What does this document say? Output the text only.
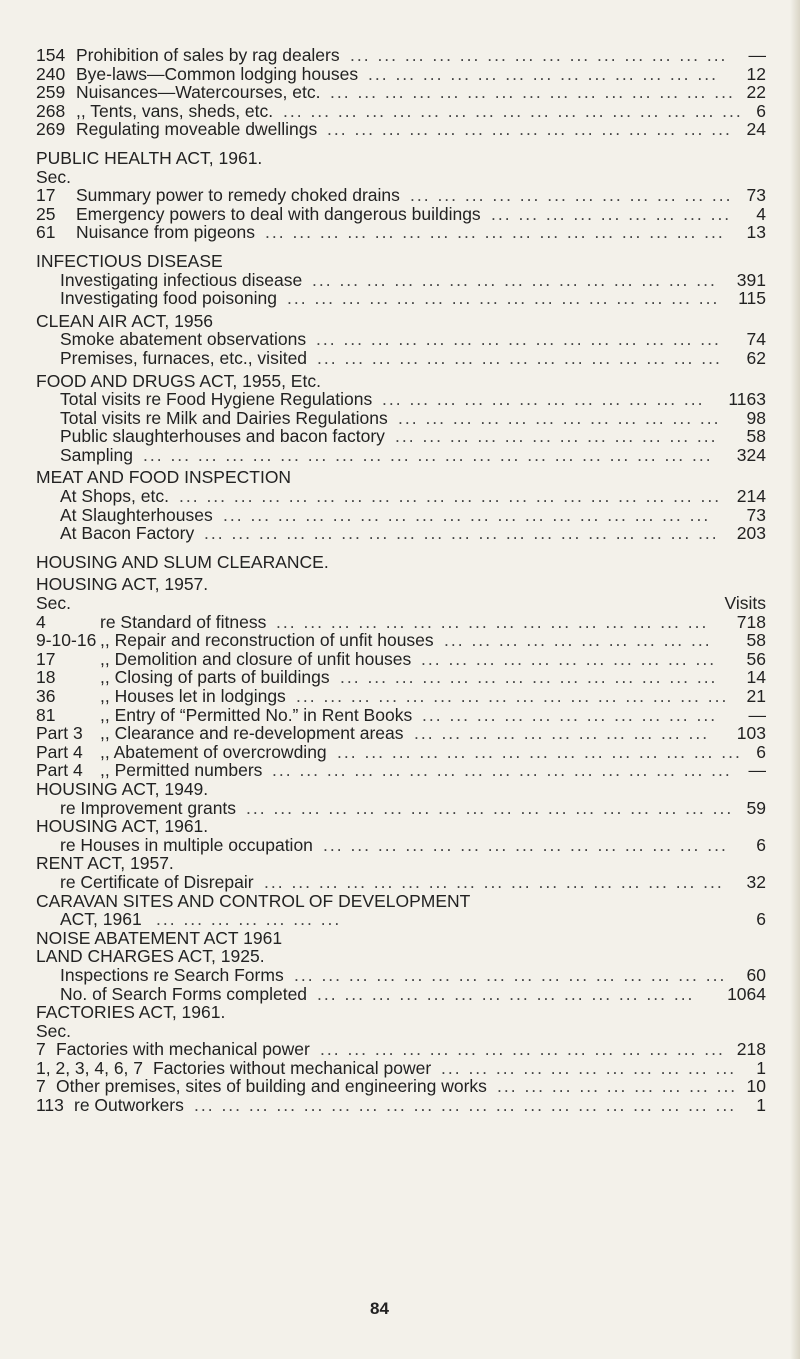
154 Prohibition of sales by rag dealers ... ... ... ... ... ... ... ... ... ... ... ... ... ... —
240 Bye-laws—Common lodging houses ... ... ... ... ... ... ... ... ... ... ... ... ... 12
259 Nuisances—Watercourses, etc. ... ... ... ... ... ... ... ... ... ... ... ... ... ... ... 22
268 ,, Tents, vans, sheds, etc. ... ... ... ... ... ... ... ... ... ... ... ... ... ... ... ... ... 6
269 Regulating moveable dwellings ... ... ... ... ... ... ... ... ... ... ... ... ... ... ... 24
PUBLIC HEALTH ACT, 1961.
Sec.
17 Summary power to remedy choked drains ... ... ... ... ... ... ... ... ... ... ... ... 73
25 Emergency powers to deal with dangerous buildings ... ... ... ... ... ... ... ... ... 4
61 Nuisance from pigeons ... ... ... ... ... ... ... ... ... ... ... ... ... ... ... ... ... 13
INFECTIOUS DISEASE
Investigating infectious disease ... ... ... ... ... ... ... ... ... ... ... ... ... ... ... 391
Investigating food poisoning ... ... ... ... ... ... ... ... ... ... ... ... ... ... ... ... 115
CLEAN AIR ACT, 1956
Smoke abatement observations ... ... ... ... ... ... ... ... ... ... ... ... ... ... ... 74
Premises, furnaces, etc., visited ... ... ... ... ... ... ... ... ... ... ... ... ... ... ... 62
FOOD AND DRUGS ACT, 1955, Etc.
Total visits re Food Hygiene Regulations ... ... ... ... ... ... ... ... ... ... ... ... 1163
Total visits re Milk and Dairies Regulations ... ... ... ... ... ... ... ... ... ... ... ... 98
Public slaughterhouses and bacon factory ... ... ... ... ... ... ... ... ... ... ... ... 58
Sampling ... ... ... ... ... ... ... ... ... ... ... ... ... ... ... ... ... ... ... ... ... 324
MEAT AND FOOD INSPECTION
At Shops, etc. ... ... ... ... ... ... ... ... ... ... ... ... ... ... ... ... ... ... ... ... 214
At Slaughterhouses ... ... ... ... ... ... ... ... ... ... ... ... ... ... ... ... ... ... 73
At Bacon Factory ... ... ... ... ... ... ... ... ... ... ... ... ... ... ... ... ... ... ... 203
HOUSING AND SLUM CLEARANCE.
HOUSING ACT, 1957.
Sec.	Visits
4	re Standard of fitness ... ... ... ... ... ... ... ... ... ... ... ... ... ... ... ... 718
9-10-16 ,, Repair and reconstruction of unfit houses ... ... ... ... ... ... ... ... ... ... 58
17	,, Demolition and closure of unfit houses ... ... ... ... ... ... ... ... ... ... ... 56
18	,, Closing of parts of buildings ... ... ... ... ... ... ... ... ... ... ... ... ... ... 14
36	,, Houses let in lodgings ... ... ... ... ... ... ... ... ... ... ... ... ... ... ... ... 21
81	,, Entry of “Permitted No.” in Rent Books ... ... ... ... ... ... ... ... ... ... ... —
Part 3 ,, Clearance and re-development areas ... ... ... ... ... ... ... ... ... ... ... 103
Part 4 ,, Abatement of overcrowding ... ... ... ... ... ... ... ... ... ... ... ... ... ... ... 6
Part 4 ,, Permitted numbers ... ... ... ... ... ... ... ... ... ... ... ... ... ... ... ... ... —
HOUSING ACT, 1949.
re Improvement grants ... ... ... ... ... ... ... ... ... ... ... ... ... ... ... ... ... ... 59
HOUSING ACT, 1961.
re Houses in multiple occupation ... ... ... ... ... ... ... ... ... ... ... ... ... ... ... 6
RENT ACT, 1957.
re Certificate of Disrepair ... ... ... ... ... ... ... ... ... ... ... ... ... ... ... ... ... 32
CARAVAN SITES AND CONTROL OF DEVELOPMENT
ACT, 1961 ... ... ... ... ... ... ...	6
NOISE ABATEMENT ACT 1961
LAND CHARGES ACT, 1925.
Inspections re Search Forms ... ... ... ... ... ... ... ... ... ... ... ... ... ... ... ... 60
No. of Search Forms completed ... ... ... ... ... ... ... ... ... ... ... ... ... ... 1064
FACTORIES ACT, 1961.
Sec.
7 Factories with mechanical power ... ... ... ... ... ... ... ... ... ... ... ... ... ... ... 218
1, 2, 3, 4, 6, 7 Factories without mechanical power ... ... ... ... ... ... ... ... ... ... ... 1
7 Other premises, sites of building and engineering works ... ... ... ... ... ... ... ... ... 10
113 re Outworkers ... ... ... ... ... ... ... ... ... ... ... ... ... ... ... ... ... ... ... ... 1
84
